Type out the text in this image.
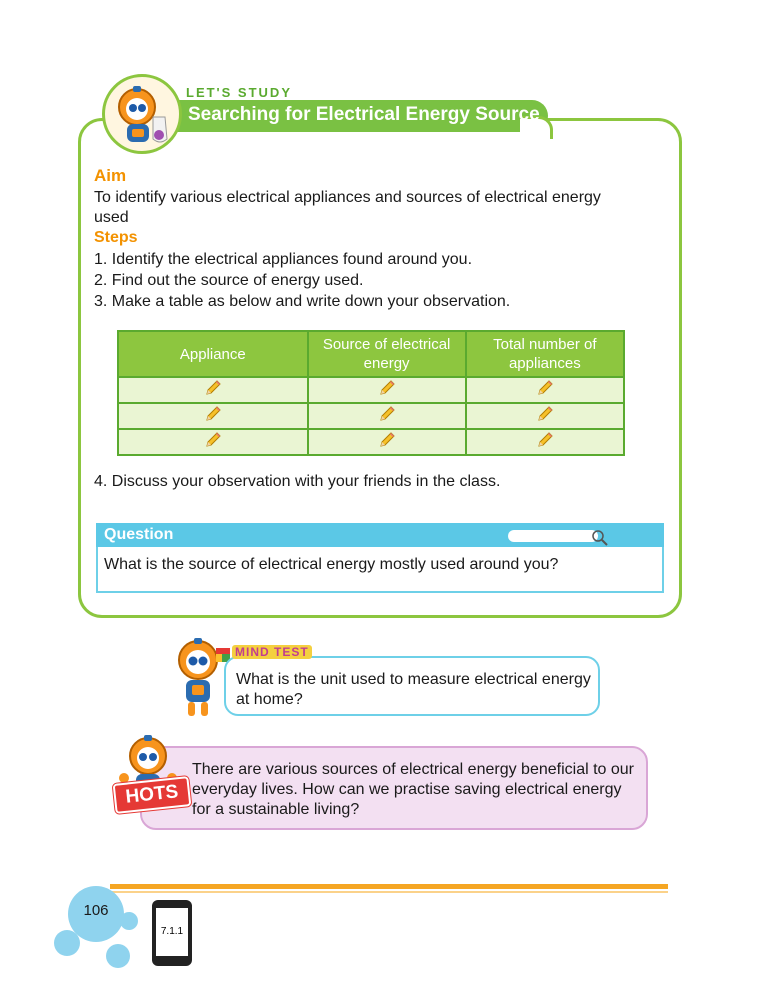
LET'S STUDY
Searching for Electrical Energy Source
Aim
To identify various electrical appliances and sources of electrical energy
used
Steps
1. Identify the electrical appliances found around you.
2. Find out the source of energy used.
3. Make a table as below and write down your observation.
Appliance	Source of electrical energy	Total number of appliances

4. Discuss your observation with your friends in the class.
Question
What is the source of electrical energy mostly used around you?
MIND TEST
What is the unit used to measure electrical energy
at home?
HOTS
There are various sources of electrical energy beneficial to our
everyday lives. How can we practise saving electrical energy
for a sustainable living?
106
7.1.1
